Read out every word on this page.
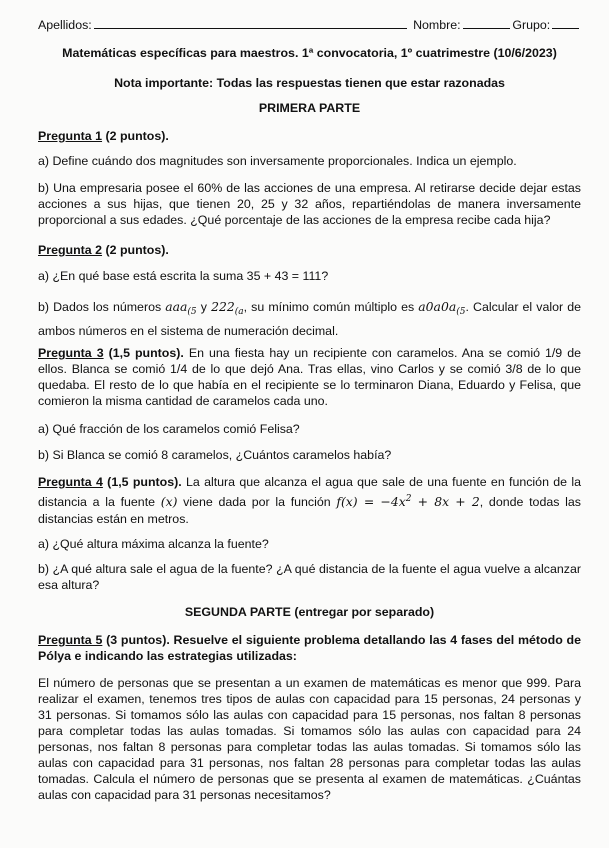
Apellidos:	Nombre:	Grupo:
Matemáticas específicas para maestros. 1ª convocatoria, 1º cuatrimestre (10/6/2023)
Nota importante: Todas las respuestas tienen que estar razonadas
PRIMERA PARTE
Pregunta 1 (2 puntos).

a) Define cuándo dos magnitudes son inversamente proporcionales. Indica un ejemplo.

b) Una empresaria posee el 60% de las acciones de una empresa. Al retirarse decide dejar estas acciones a sus hijas, que tienen 20, 25 y 32 años, repartiéndolas de manera inversamente proporcional a sus edades. ¿Qué porcentaje de las acciones de la empresa recibe cada hija?

Pregunta 2 (2 puntos).

a) ¿En qué base está escrita la suma 35 + 43 = 111?

b) Dados los números aaa$_{(5}$ y $222_{(a}$, su mínimo común múltiplo es $a0a0a_{(5}$. Calcular el valor de ambos números en el sistema de numeración decimal.

Pregunta 3 (1,5 puntos). En una fiesta hay un recipiente con caramelos. Ana se comió 1/9 de ellos. Blanca se comió 1/4 de lo que dejó Ana. Tras ellas, vino Carlos y se comió 3/8 de lo que quedaba. El resto de lo que había en el recipiente se lo terminaron Diana, Eduardo y Felisa, que comieron la misma cantidad de caramelos cada uno.

a) Qué fracción de los caramelos comió Felisa?

b) Si Blanca se comió 8 caramelos, ¿Cuántos caramelos había?

Pregunta 4 (1,5 puntos). La altura que alcanza el agua que sale de una fuente en función de la distancia a la fuente (x) viene dada por la función $f(x) = -4x^2 + 8x + 2$, donde todas las distancias están en metros.

a) ¿Qué altura máxima alcanza la fuente?

b) ¿A qué altura sale el agua de la fuente? ¿A qué distancia de la fuente el agua vuelve a alcanzar esa altura?

SEGUNDA PARTE (entregar por separado)

Pregunta 5 (3 puntos). Resuelve el siguiente problema detallando las 4 fases del método de Pólya e indicando las estrategias utilizadas:

El número de personas que se presentan a un examen de matemáticas es menor que 999. Para realizar el examen, tenemos tres tipos de aulas con capacidad para 15 personas, 24 personas y 31 personas. Si tomamos sólo las aulas con capacidad para 15 personas, nos faltan 8 personas para completar todas las aulas tomadas. Si tomamos sólo las aulas con capacidad para 24 personas, nos faltan 8 personas para completar todas las aulas tomadas. Si tomamos sólo las aulas con capacidad para 31 personas, nos faltan 28 personas para completar todas las aulas tomadas. Calcula el número de personas que se presenta al examen de matemáticas. ¿Cuántas aulas con capacidad para 31 personas necesitamos?
